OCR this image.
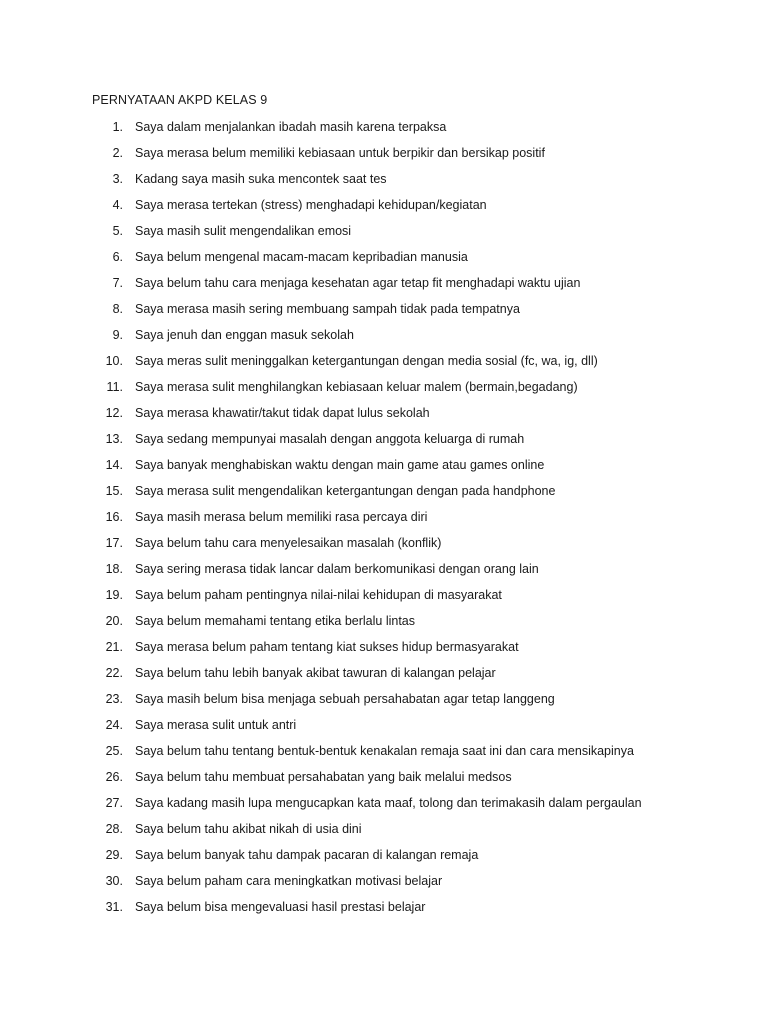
PERNYATAAN AKPD KELAS 9
1. Saya dalam menjalankan ibadah masih karena terpaksa
2. Saya merasa belum memiliki kebiasaan untuk berpikir dan bersikap positif
3. Kadang saya masih suka mencontek saat tes
4. Saya merasa tertekan (stress) menghadapi kehidupan/kegiatan
5. Saya masih sulit mengendalikan emosi
6. Saya belum mengenal macam-macam kepribadian manusia
7. Saya belum tahu cara menjaga kesehatan agar tetap fit menghadapi waktu ujian
8. Saya merasa masih sering membuang sampah tidak pada tempatnya
9. Saya jenuh dan enggan masuk sekolah
10. Saya meras sulit meninggalkan ketergantungan dengan media sosial (fc, wa, ig, dll)
11. Saya merasa sulit menghilangkan kebiasaan keluar malem (bermain,begadang)
12. Saya merasa khawatir/takut tidak dapat lulus sekolah
13. Saya sedang mempunyai masalah dengan anggota keluarga di rumah
14. Saya banyak menghabiskan waktu dengan main game atau games online
15. Saya merasa sulit mengendalikan ketergantungan dengan pada handphone
16. Saya masih merasa belum memiliki rasa percaya diri
17. Saya belum tahu cara menyelesaikan masalah (konflik)
18. Saya sering merasa tidak lancar dalam berkomunikasi dengan orang lain
19. Saya belum paham pentingnya nilai-nilai kehidupan di masyarakat
20. Saya belum memahami tentang etika berlalu lintas
21. Saya merasa belum paham tentang kiat sukses hidup bermasyarakat
22. Saya belum tahu lebih banyak akibat tawuran di kalangan pelajar
23. Saya masih belum bisa menjaga sebuah persahabatan agar tetap langgeng
24. Saya merasa sulit untuk antri
25. Saya belum tahu tentang bentuk-bentuk kenakalan remaja saat ini dan cara mensikapinya
26. Saya belum tahu membuat persahabatan yang baik melalui medsos
27. Saya kadang masih lupa mengucapkan kata maaf, tolong dan terimakasih dalam pergaulan
28. Saya belum tahu akibat nikah di usia dini
29. Saya belum banyak tahu dampak pacaran di kalangan remaja
30. Saya belum paham cara meningkatkan motivasi belajar
31. Saya belum bisa mengevaluasi hasil prestasi belajar
